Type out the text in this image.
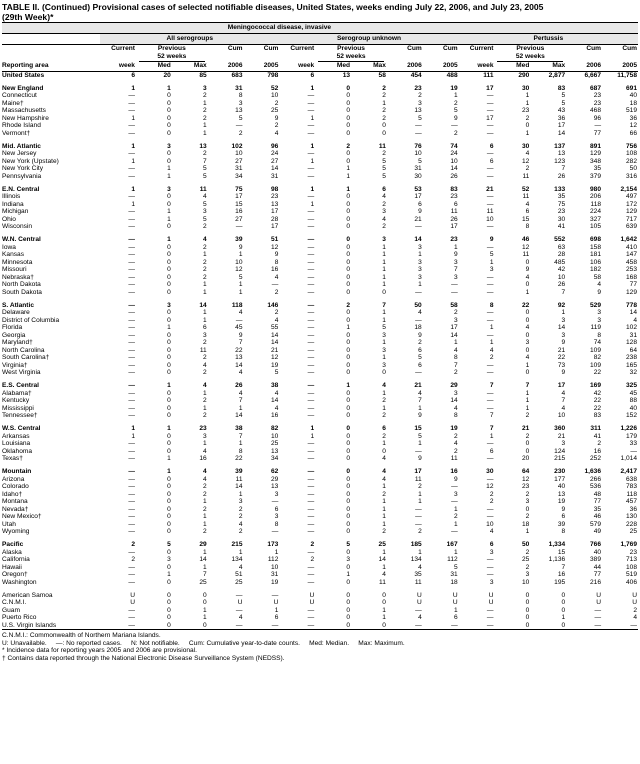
TABLE II. (Continued) Provisional cases of selected notifiable diseases, United States, weeks ending July 22, 2006, and July 23, 2005
(29th Week)*
	Meningococcal disease, invasive														
	All serogroups					Serogroup unknown					Pertussis				
	Current	Previous		Cum	Cum	Current	Previous		Cum	Cum	Current	Previous		Cum	Cum
		52 weeks					52 weeks					52 weeks			
Reporting area	week	Med	Max	2006	2005	week	Med	Max	2006	2005	week	Med	Max	2006	2005
United States	6	20	85	683	798	6	13	58	454	488	111	290	2,877	6,667	11,758

New England	1	1	3	31	52	1	0	2	23	19	17	30	83	687	691
Connecticut	—	0	2	8	10	—	0	2	2	1	—	1	5	23	40
Maine†	—	0	1	3	2	—	0	1	3	2	—	1	5	23	18
Massachusetts	—	0	2	13	25	—	0	2	13	5	—	23	43	468	519
New Hampshire	1	0	2	5	9	1	0	2	5	9	17	2	36	96	36
Rhode Island	—	0	1	—	2	—	0	0	—	—	—	0	17	—	12
Vermont†	—	0	1	2	4	—	0	0	—	2	—	1	14	77	66

Mid. Atlantic	1	3	13	102	96	1	2	11	76	74	6	30	137	891	756
New Jersey	—	0	2	10	24	—	0	2	10	24	—	4	13	129	108
New York (Upstate)	1	0	7	27	27	1	0	5	5	10	6	12	123	348	282
New York City	—	1	5	31	14	—	1	5	31	14	—	2	7	35	50
Pennsylvania	—	1	5	34	31	—	1	5	30	26	—	11	26	379	316

E.N. Central	1	3	11	75	98	1	1	6	53	83	21	52	133	980	2,154
Illinois	—	0	4	17	23	—	0	4	17	23	—	11	35	206	497
Indiana	1	0	5	15	13	1	0	2	6	6	—	4	75	118	172
Michigan	—	1	3	16	17	—	0	3	9	11	11	6	23	224	129
Ohio	—	1	5	27	28	—	0	4	21	26	10	15	30	327	717
Wisconsin	—	0	2	—	17	—	0	2	—	17	—	8	41	105	639

W.N. Central	—	1	4	39	51	—	0	3	14	23	9	46	552	698	1,642
Iowa	—	0	2	9	12	—	0	1	3	1	—	12	63	158	410
Kansas	—	0	1	1	9	—	0	1	1	9	5	11	28	181	147
Minnesota	—	0	2	10	8	—	0	1	3	3	1	0	485	106	458
Missouri	—	0	2	12	16	—	0	1	3	7	3	9	42	182	253
Nebraska†	—	0	2	5	4	—	0	1	3	3	—	4	10	58	168
North Dakota	—	0	1	1	—	—	0	1	1	—	—	0	26	4	77
South Dakota	—	0	1	1	2	—	0	0	—	—	—	1	7	9	129

S. Atlantic	—	3	14	118	146	—	2	7	50	58	8	22	92	529	778
Delaware	—	0	1	4	2	—	0	1	4	2	—	0	1	3	14
District of Columbia	—	0	1	—	4	—	0	1	—	3	—	0	3	3	4
Florida	—	1	6	45	55	—	1	5	18	17	1	4	14	119	102
Georgia	—	0	3	9	14	—	0	3	9	14	—	0	3	8	31
Maryland†	—	0	2	7	14	—	0	1	2	1	1	3	9	74	128
North Carolina	—	0	11	22	21	—	0	3	6	4	4	0	21	109	64
South Carolina†	—	0	2	13	12	—	0	1	5	8	2	4	22	82	238
Virginia†	—	0	4	14	19	—	0	3	6	7	—	1	73	109	165
West Virginia	—	0	2	4	5	—	0	0	—	2	—	0	9	22	32

E.S. Central	—	1	4	26	38	—	1	4	21	29	7	7	17	169	325
Alabama†	—	0	1	4	4	—	0	1	4	3	—	1	4	42	45
Kentucky	—	0	2	7	14	—	0	2	7	14	—	1	7	22	88
Mississippi	—	0	1	1	4	—	0	1	1	4	—	1	4	22	40
Tennessee†	—	0	2	14	16	—	0	2	9	8	7	2	10	83	152

W.S. Central	1	1	23	38	82	1	0	6	15	19	7	21	360	311	1,226
Arkansas	1	0	3	7	10	1	0	2	5	2	1	2	21	41	179
Louisiana	—	0	1	1	25	—	0	1	1	4	—	0	3	2	33
Oklahoma	—	0	4	8	13	—	0	0	—	2	6	0	124	16	—
Texas†	—	1	16	22	34	—	0	4	9	11	—	20	215	252	1,014

Mountain	—	1	4	39	62	—	0	4	17	16	30	64	230	1,636	2,417
Arizona	—	0	4	11	29	—	0	4	11	9	—	12	177	266	638
Colorado	—	0	2	14	13	—	0	1	2	—	12	23	40	536	783
Idaho†	—	0	2	1	3	—	0	2	1	3	2	2	13	48	118
Montana	—	0	1	3	—	—	0	1	1	—	2	3	19	77	457
Nevada†	—	0	2	2	6	—	0	1	—	1	—	0	9	35	36
New Mexico†	—	0	1	2	3	—	0	1	—	2	—	2	6	46	130
Utah	—	0	1	4	8	—	0	1	—	1	10	18	39	579	228
Wyoming	—	0	2	2	—	—	0	2	2	—	4	1	8	49	25

Pacific	2	5	29	215	173	2	5	25	185	167	6	50	1,334	766	1,769
Alaska	—	0	1	1	1	—	0	1	1	1	3	2	15	40	23
California	2	3	14	134	112	2	3	14	134	112	—	25	1,136	389	713
Hawaii	—	0	1	4	10	—	0	1	4	5	—	2	7	44	108
Oregon†	—	1	7	51	31	—	1	4	35	31	—	3	16	77	519
Washington	—	0	25	25	19	—	0	11	11	18	3	10	195	216	406

American Samoa	U	0	0	—	—	U	0	0	U	U	U	0	0	U	U
C.N.M.I.	U	0	0	U	U	U	0	0	U	U	U	0	0	U	U
Guam	—	0	1	—	1	—	0	1	—	1	—	0	0	—	2
Puerto Rico	—	0	1	4	6	—	0	1	4	6	—	0	1	—	4
U.S. Virgin Islands	—	0	0	—	—	—	0	0	—	—	—	0	0	—	—
C.N.M.I.: Commonwealth of Northern Mariana Islands.
U: Unavailable.     —: No reported cases.     N: Not notifiable.     Cum: Cumulative year-to-date counts.     Med: Median.     Max: Maximum.
* Incidence data for reporting years 2005 and 2006 are provisional.
† Contains data reported through the National Electronic Disease Surveillance System (NEDSS).
